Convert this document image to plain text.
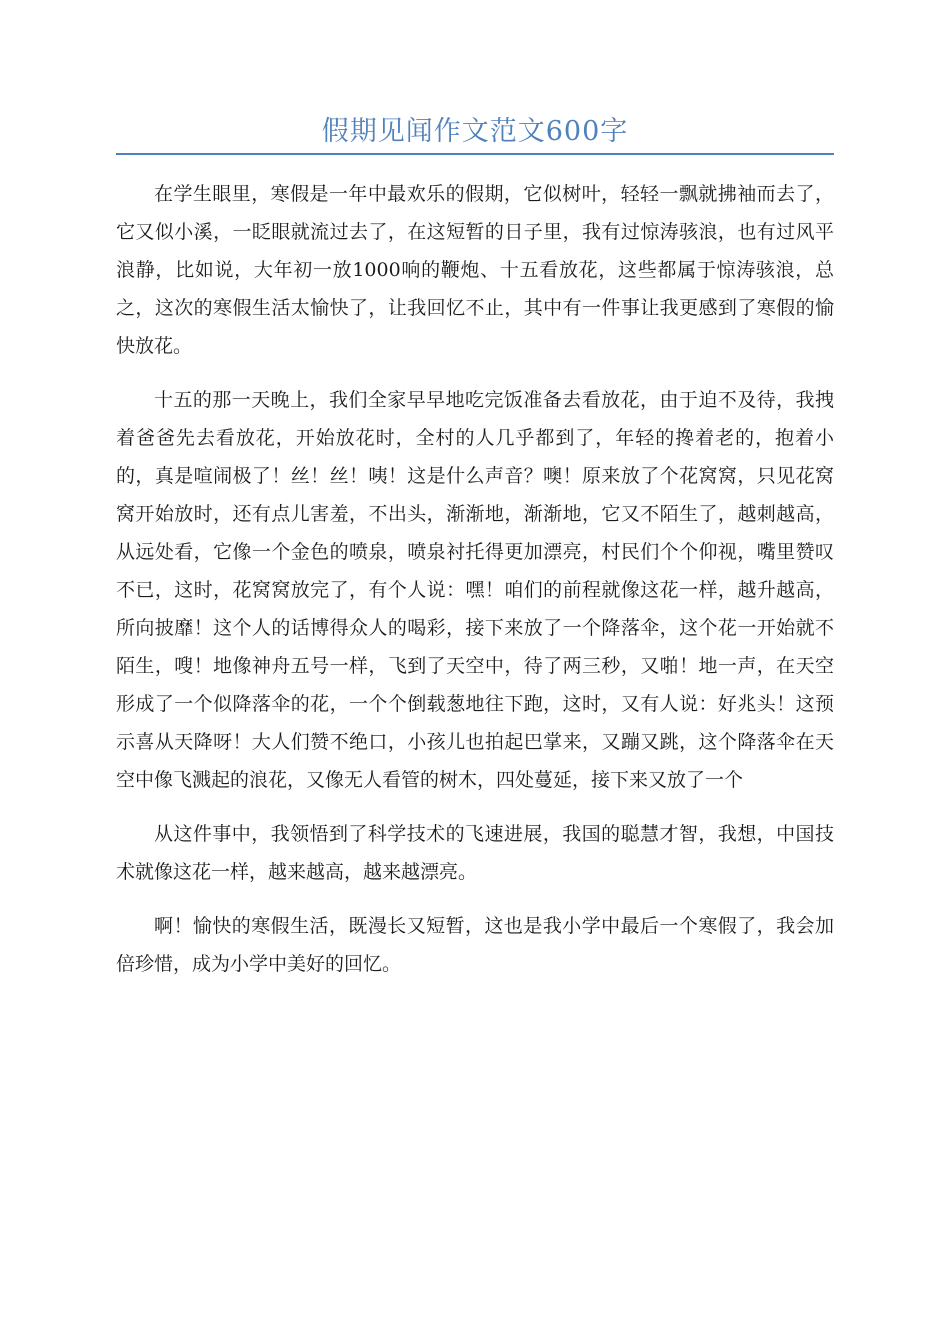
假期见闻作文范文600字

在学生眼里，寒假是一年中最欢乐的假期，它似树叶，轻轻一飘就拂袖而去了，它又似小溪，一眨眼就流过去了，在这短暂的日子里，我有过惊涛骇浪，也有过风平浪静，比如说，大年初一放1000响的鞭炮、十五看放花，这些都属于惊涛骇浪，总之，这次的寒假生活太愉快了，让我回忆不止，其中有一件事让我更感到了寒假的愉快放花。

十五的那一天晚上，我们全家早早地吃完饭准备去看放花，由于迫不及待，我拽着爸爸先去看放花，开始放花时，全村的人几乎都到了，年轻的搀着老的，抱着小的，真是喧闹极了！丝！丝！咦！这是什么声音？噢！原来放了个花窝窝，只见花窝窝开始放时，还有点儿害羞，不出头，渐渐地，渐渐地，它又不陌生了，越刺越高，从远处看，它像一个金色的喷泉，喷泉衬托得更加漂亮，村民们个个仰视，嘴里赞叹不已，这时，花窝窝放完了，有个人说：嘿！咱们的前程就像这花一样，越升越高，所向披靡！这个人的话博得众人的喝彩，接下来放了一个降落伞，这个花一开始就不陌生，嗖！地像神舟五号一样，飞到了天空中，待了两三秒，又啪！地一声，在天空形成了一个似降落伞的花，一个个倒载葱地往下跑，这时，又有人说：好兆头！这预示喜从天降呀！大人们赞不绝口，小孩儿也拍起巴掌来，又蹦又跳，这个降落伞在天空中像飞溅起的浪花，又像无人看管的树木，四处蔓延，接下来又放了一个

从这件事中，我领悟到了科学技术的飞速进展，我国的聪慧才智，我想，中国技术就像这花一样，越来越高，越来越漂亮。

啊！愉快的寒假生活，既漫长又短暂，这也是我小学中最后一个寒假了，我会加倍珍惜，成为小学中美好的回忆。
